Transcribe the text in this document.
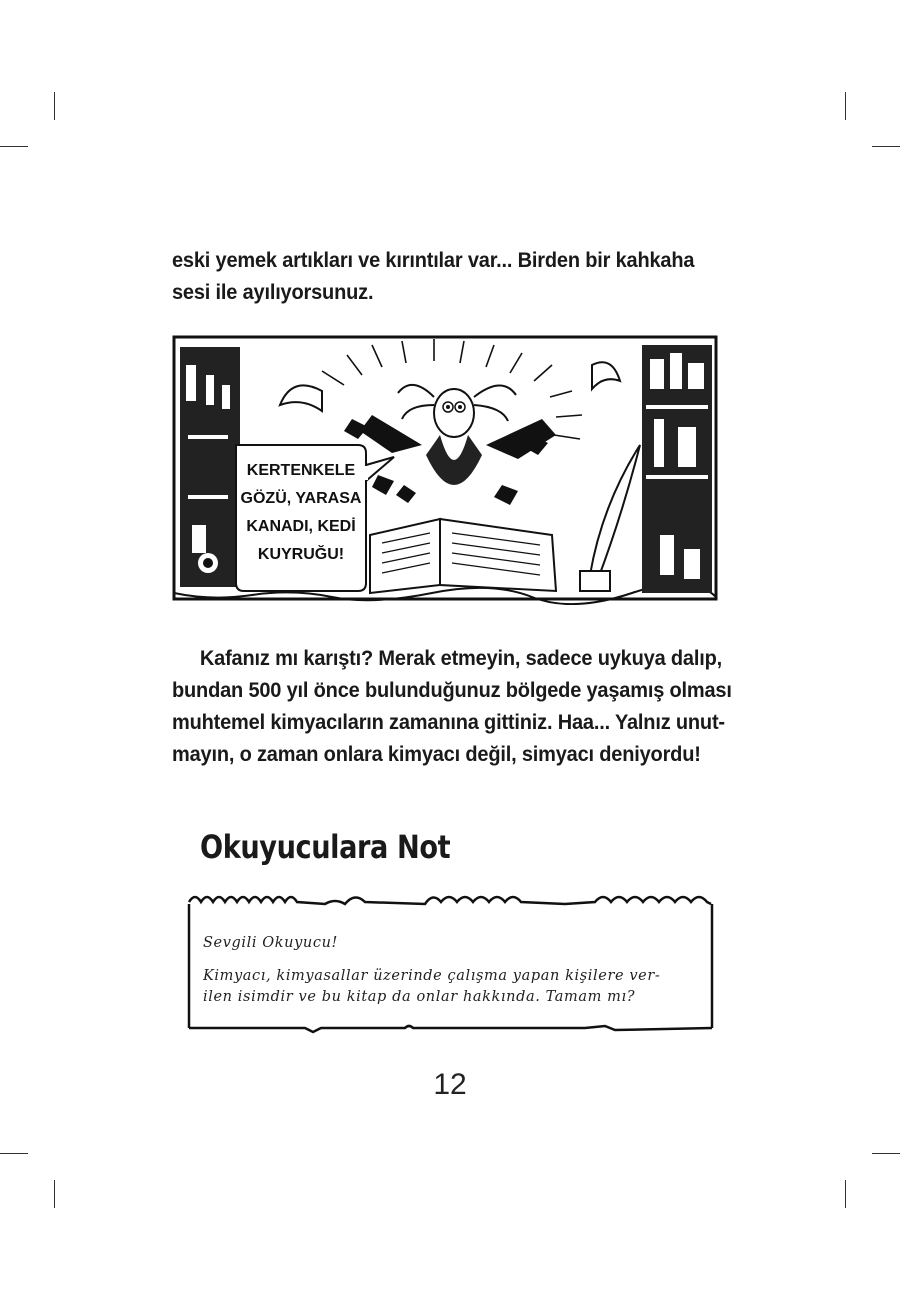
eski yemek artıkları ve kırıntılar var... Birden bir kahkaha
sesi ile ayılıyorsunuz.
KERTENKELE
GÖZÜ, YARASA
KANADI, KEDİ
KUYRUĞU!
Kafanız mı karıştı? Merak etmeyin, sadece uykuya dalıp,
bundan 500 yıl önce bulunduğunuz bölgede yaşamış olması
muhtemel kimyacıların zamanına gittiniz. Haa... Yalnız unut-
mayın, o zaman onlara kimyacı değil, simyacı deniyordu!
Okuyuculara Not
Sevgili Okuyucu!
Kimyacı, kimyasallar üzerinde çalışma yapan kişilere ver-
ilen isimdir ve bu kitap da onlar hakkında. Tamam mı?
12
